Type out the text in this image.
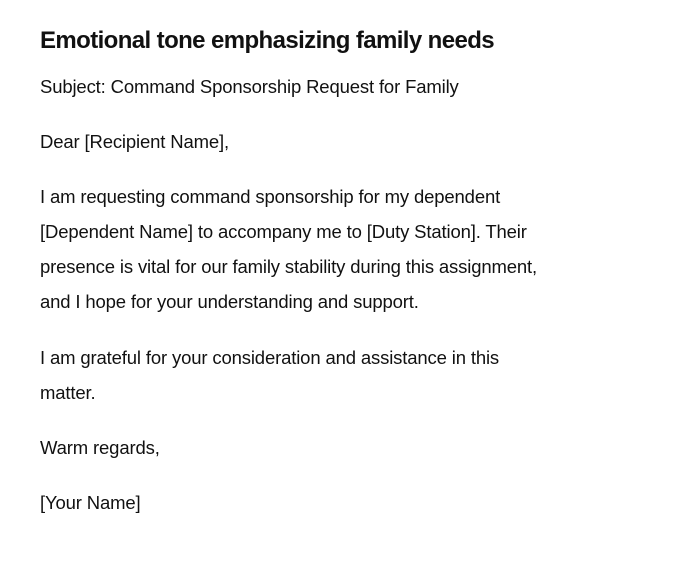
Emotional tone emphasizing family needs
Subject: Command Sponsorship Request for Family
Dear [Recipient Name],
I am requesting command sponsorship for my dependent
[Dependent Name] to accompany me to [Duty Station]. Their
presence is vital for our family stability during this assignment,
and I hope for your understanding and support.
I am grateful for your consideration and assistance in this
matter.
Warm regards,
[Your Name]
